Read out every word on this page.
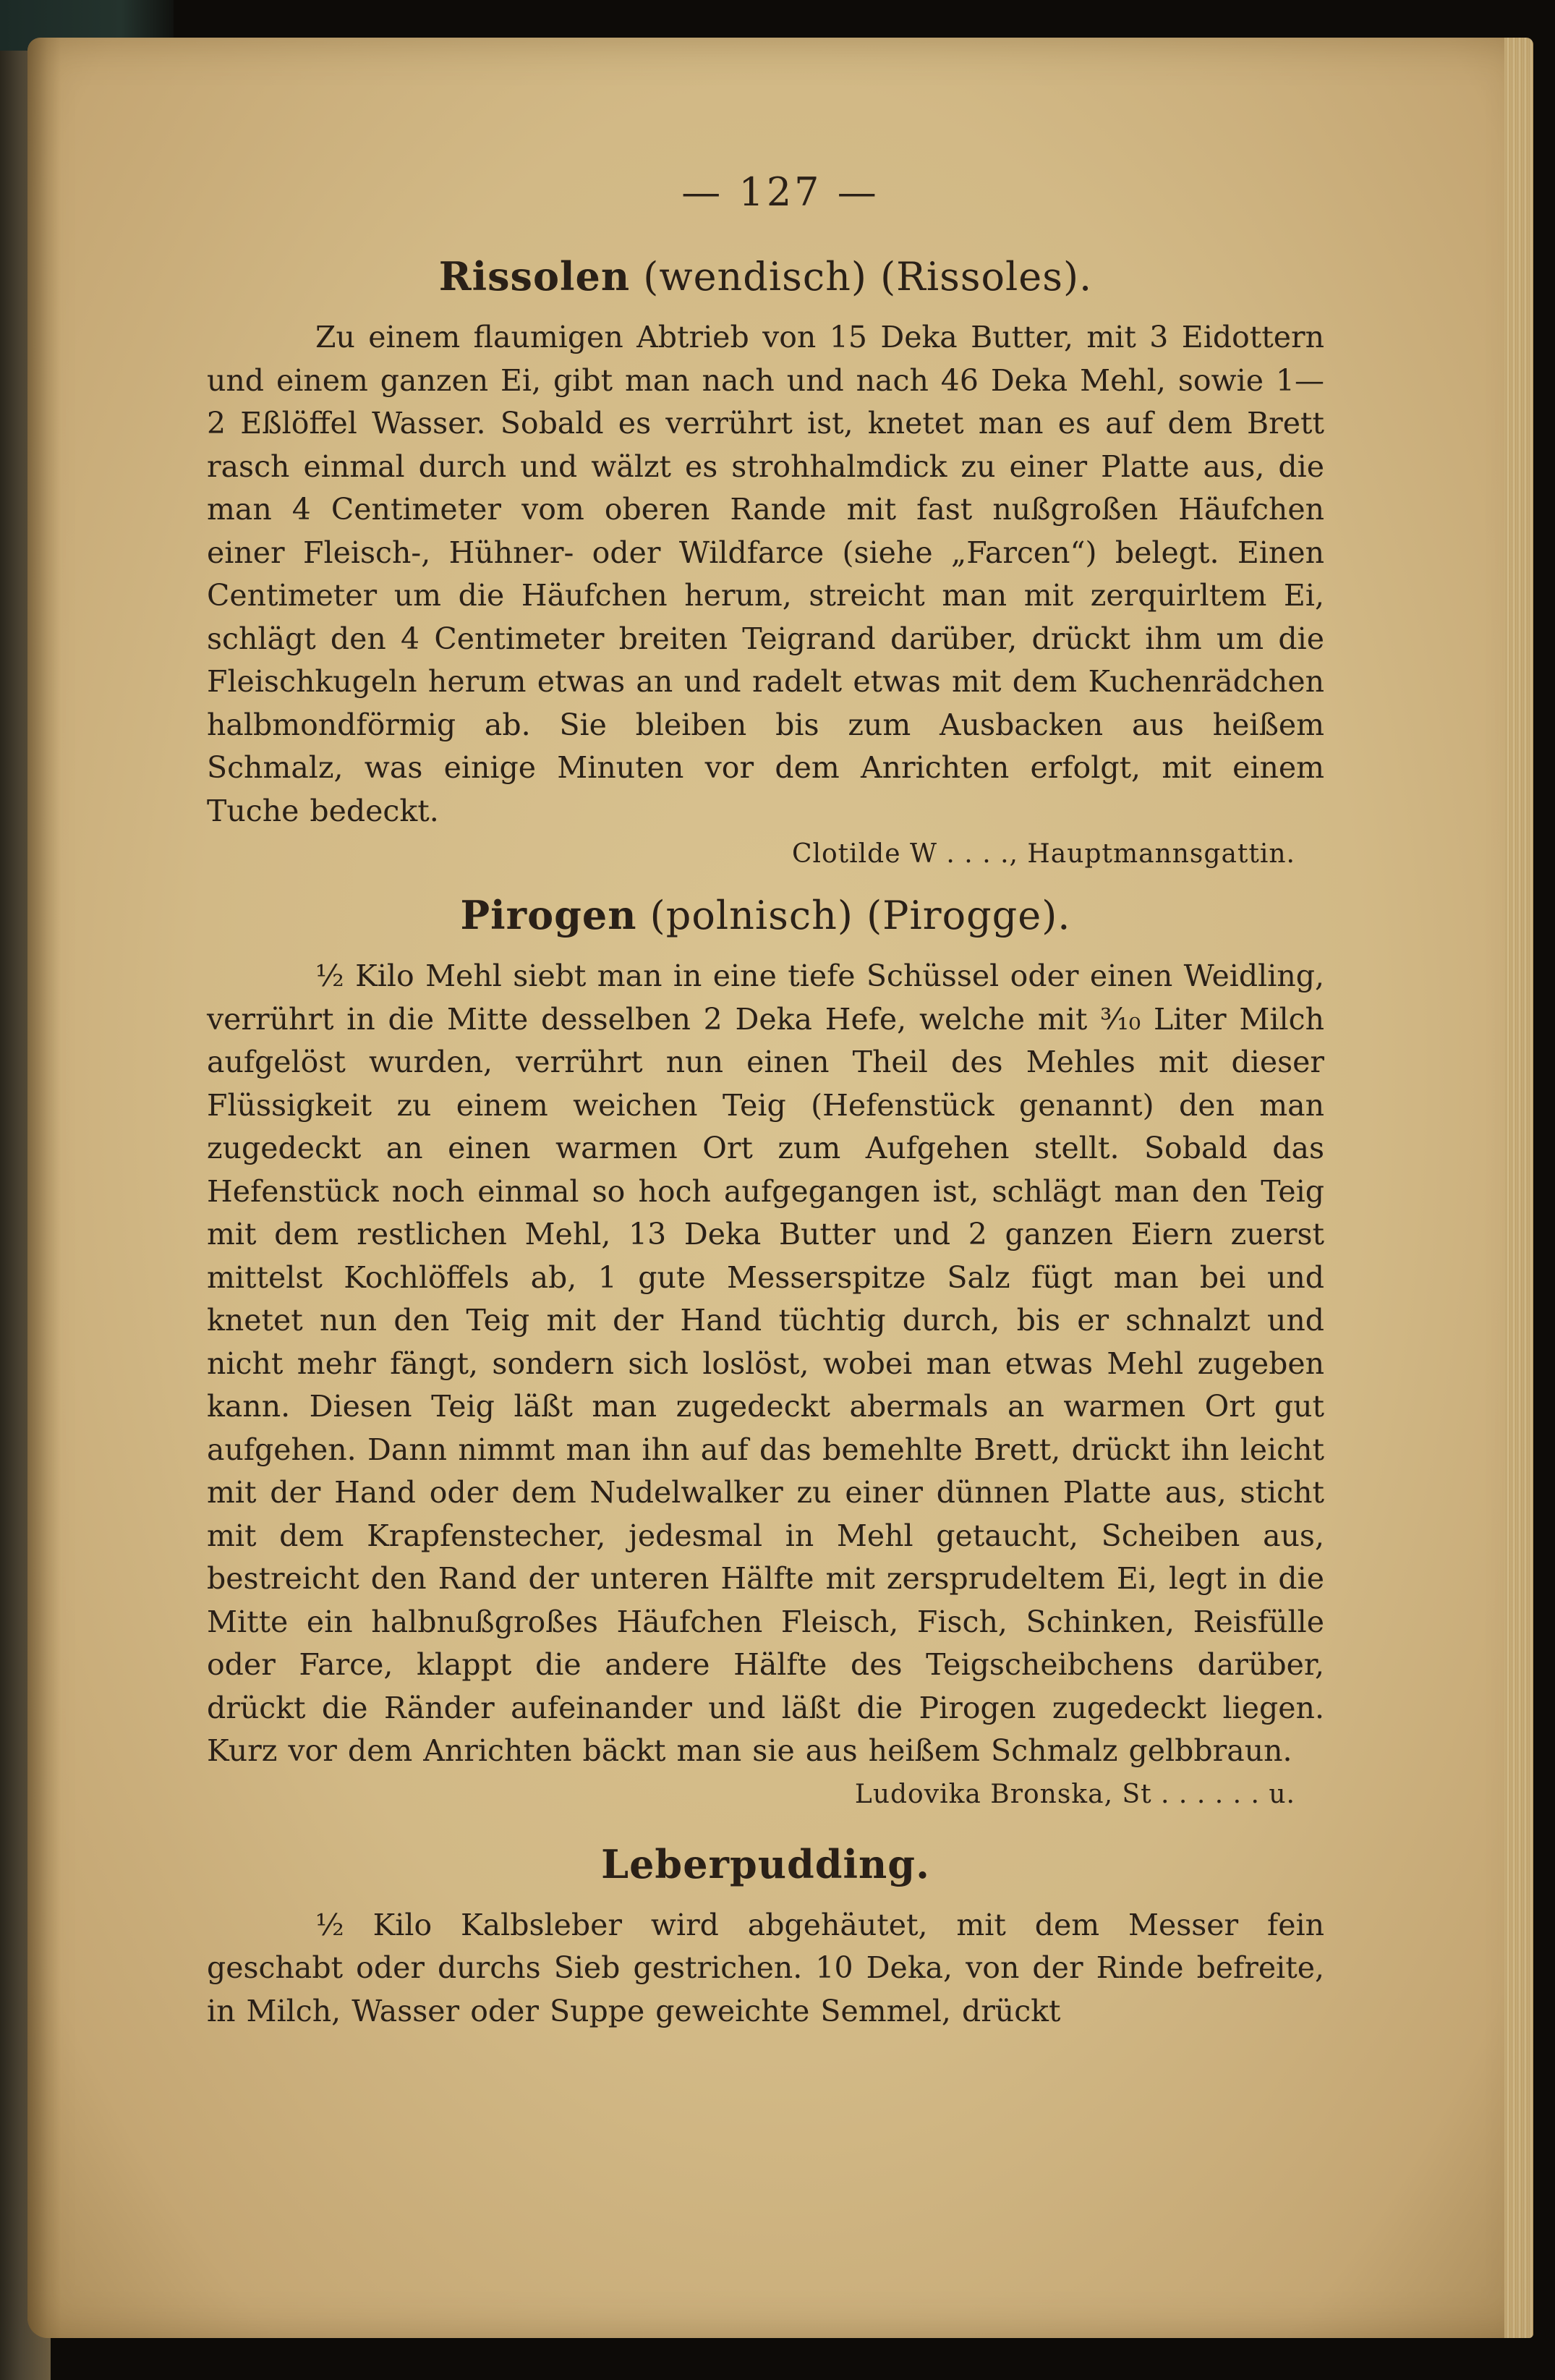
— 127 —
Rissolen (wendisch) (Rissoles).

Zu einem flaumigen Abtrieb von 15 Deka Butter, mit 3 Eidottern und einem ganzen Ei, gibt man nach und nach 46 Deka Mehl, sowie 1—2 Eßlöffel Wasser. Sobald es verrührt ist, knetet man es auf dem Brett rasch einmal durch und wälzt es strohhalmdick zu einer Platte aus, die man 4 Centimeter vom oberen Rande mit fast nußgroßen Häufchen einer Fleisch-, Hühner- oder Wildfarce (siehe „Farcen“) belegt. Einen Centimeter um die Häufchen herum, streicht man mit zerquirltem Ei, schlägt den 4 Centimeter breiten Teigrand darüber, drückt ihm um die Fleischkugeln herum etwas an und radelt etwas mit dem Kuchenrädchen halbmondförmig ab. Sie bleiben bis zum Ausbacken aus heißem Schmalz, was einige Minuten vor dem Anrichten erfolgt, mit einem Tuche bedeckt.

Clotilde W . . . ., Hauptmannsgattin.

Pirogen (polnisch) (Pirogge).

½ Kilo Mehl siebt man in eine tiefe Schüssel oder einen Weidling, verrührt in die Mitte desselben 2 Deka Hefe, welche mit ³⁄₁₀ Liter Milch aufgelöst wurden, verrührt nun einen Theil des Mehles mit dieser Flüssigkeit zu einem weichen Teig (Hefenstück genannt) den man zugedeckt an einen warmen Ort zum Aufgehen stellt. Sobald das Hefenstück noch einmal so hoch aufgegangen ist, schlägt man den Teig mit dem restlichen Mehl, 13 Deka Butter und 2 ganzen Eiern zuerst mittelst Kochlöffels ab, 1 gute Messerspitze Salz fügt man bei und knetet nun den Teig mit der Hand tüchtig durch, bis er schnalzt und nicht mehr fängt, sondern sich loslöst, wobei man etwas Mehl zugeben kann. Diesen Teig läßt man zugedeckt abermals an warmen Ort gut aufgehen. Dann nimmt man ihn auf das bemehlte Brett, drückt ihn leicht mit der Hand oder dem Nudelwalker zu einer dünnen Platte aus, sticht mit dem Krapfenstecher, jedesmal in Mehl getaucht, Scheiben aus, bestreicht den Rand der unteren Hälfte mit zersprudeltem Ei, legt in die Mitte ein halbnußgroßes Häufchen Fleisch, Fisch, Schinken, Reisfülle oder Farce, klappt die andere Hälfte des Teigscheibchens darüber, drückt die Ränder aufeinander und läßt die Pirogen zugedeckt liegen. Kurz vor dem Anrichten bäckt man sie aus heißem Schmalz gelbbraun.

Ludovika Bronska, St . . . . . . u.

Leberpudding.

½ Kilo Kalbsleber wird abgehäutet, mit dem Messer fein geschabt oder durchs Sieb gestrichen. 10 Deka, von der Rinde befreite, in Milch, Wasser oder Suppe geweichte Semmel, drückt
